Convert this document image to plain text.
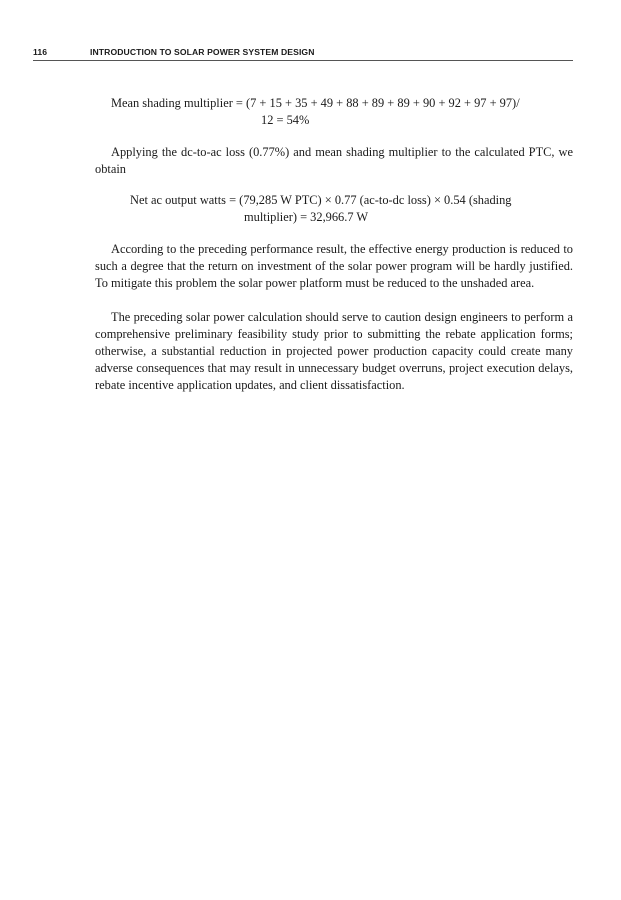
116	INTRODUCTION TO SOLAR POWER SYSTEM DESIGN
Mean shading multiplier = (7 + 15 + 35 + 49 + 88 + 89 + 89 + 90 + 92 + 97 + 97)/
12 = 54%

Applying the dc-to-ac loss (0.77%) and mean shading multiplier to the calculated PTC, we obtain

Net ac output watts = (79,285 W PTC) × 0.77 (ac-to-dc loss) × 0.54 (shading
multiplier) = 32,966.7 W

According to the preceding performance result, the effective energy production is reduced to such a degree that the return on investment of the solar power program will be hardly justified. To mitigate this problem the solar power platform must be reduced to the unshaded area.

The preceding solar power calculation should serve to caution design engineers to perform a comprehensive preliminary feasibility study prior to submitting the rebate application forms; otherwise, a substantial reduction in projected power production capacity could create many adverse consequences that may result in unnecessary budget overruns, project execution delays, rebate incentive application updates, and client dissatisfaction.
